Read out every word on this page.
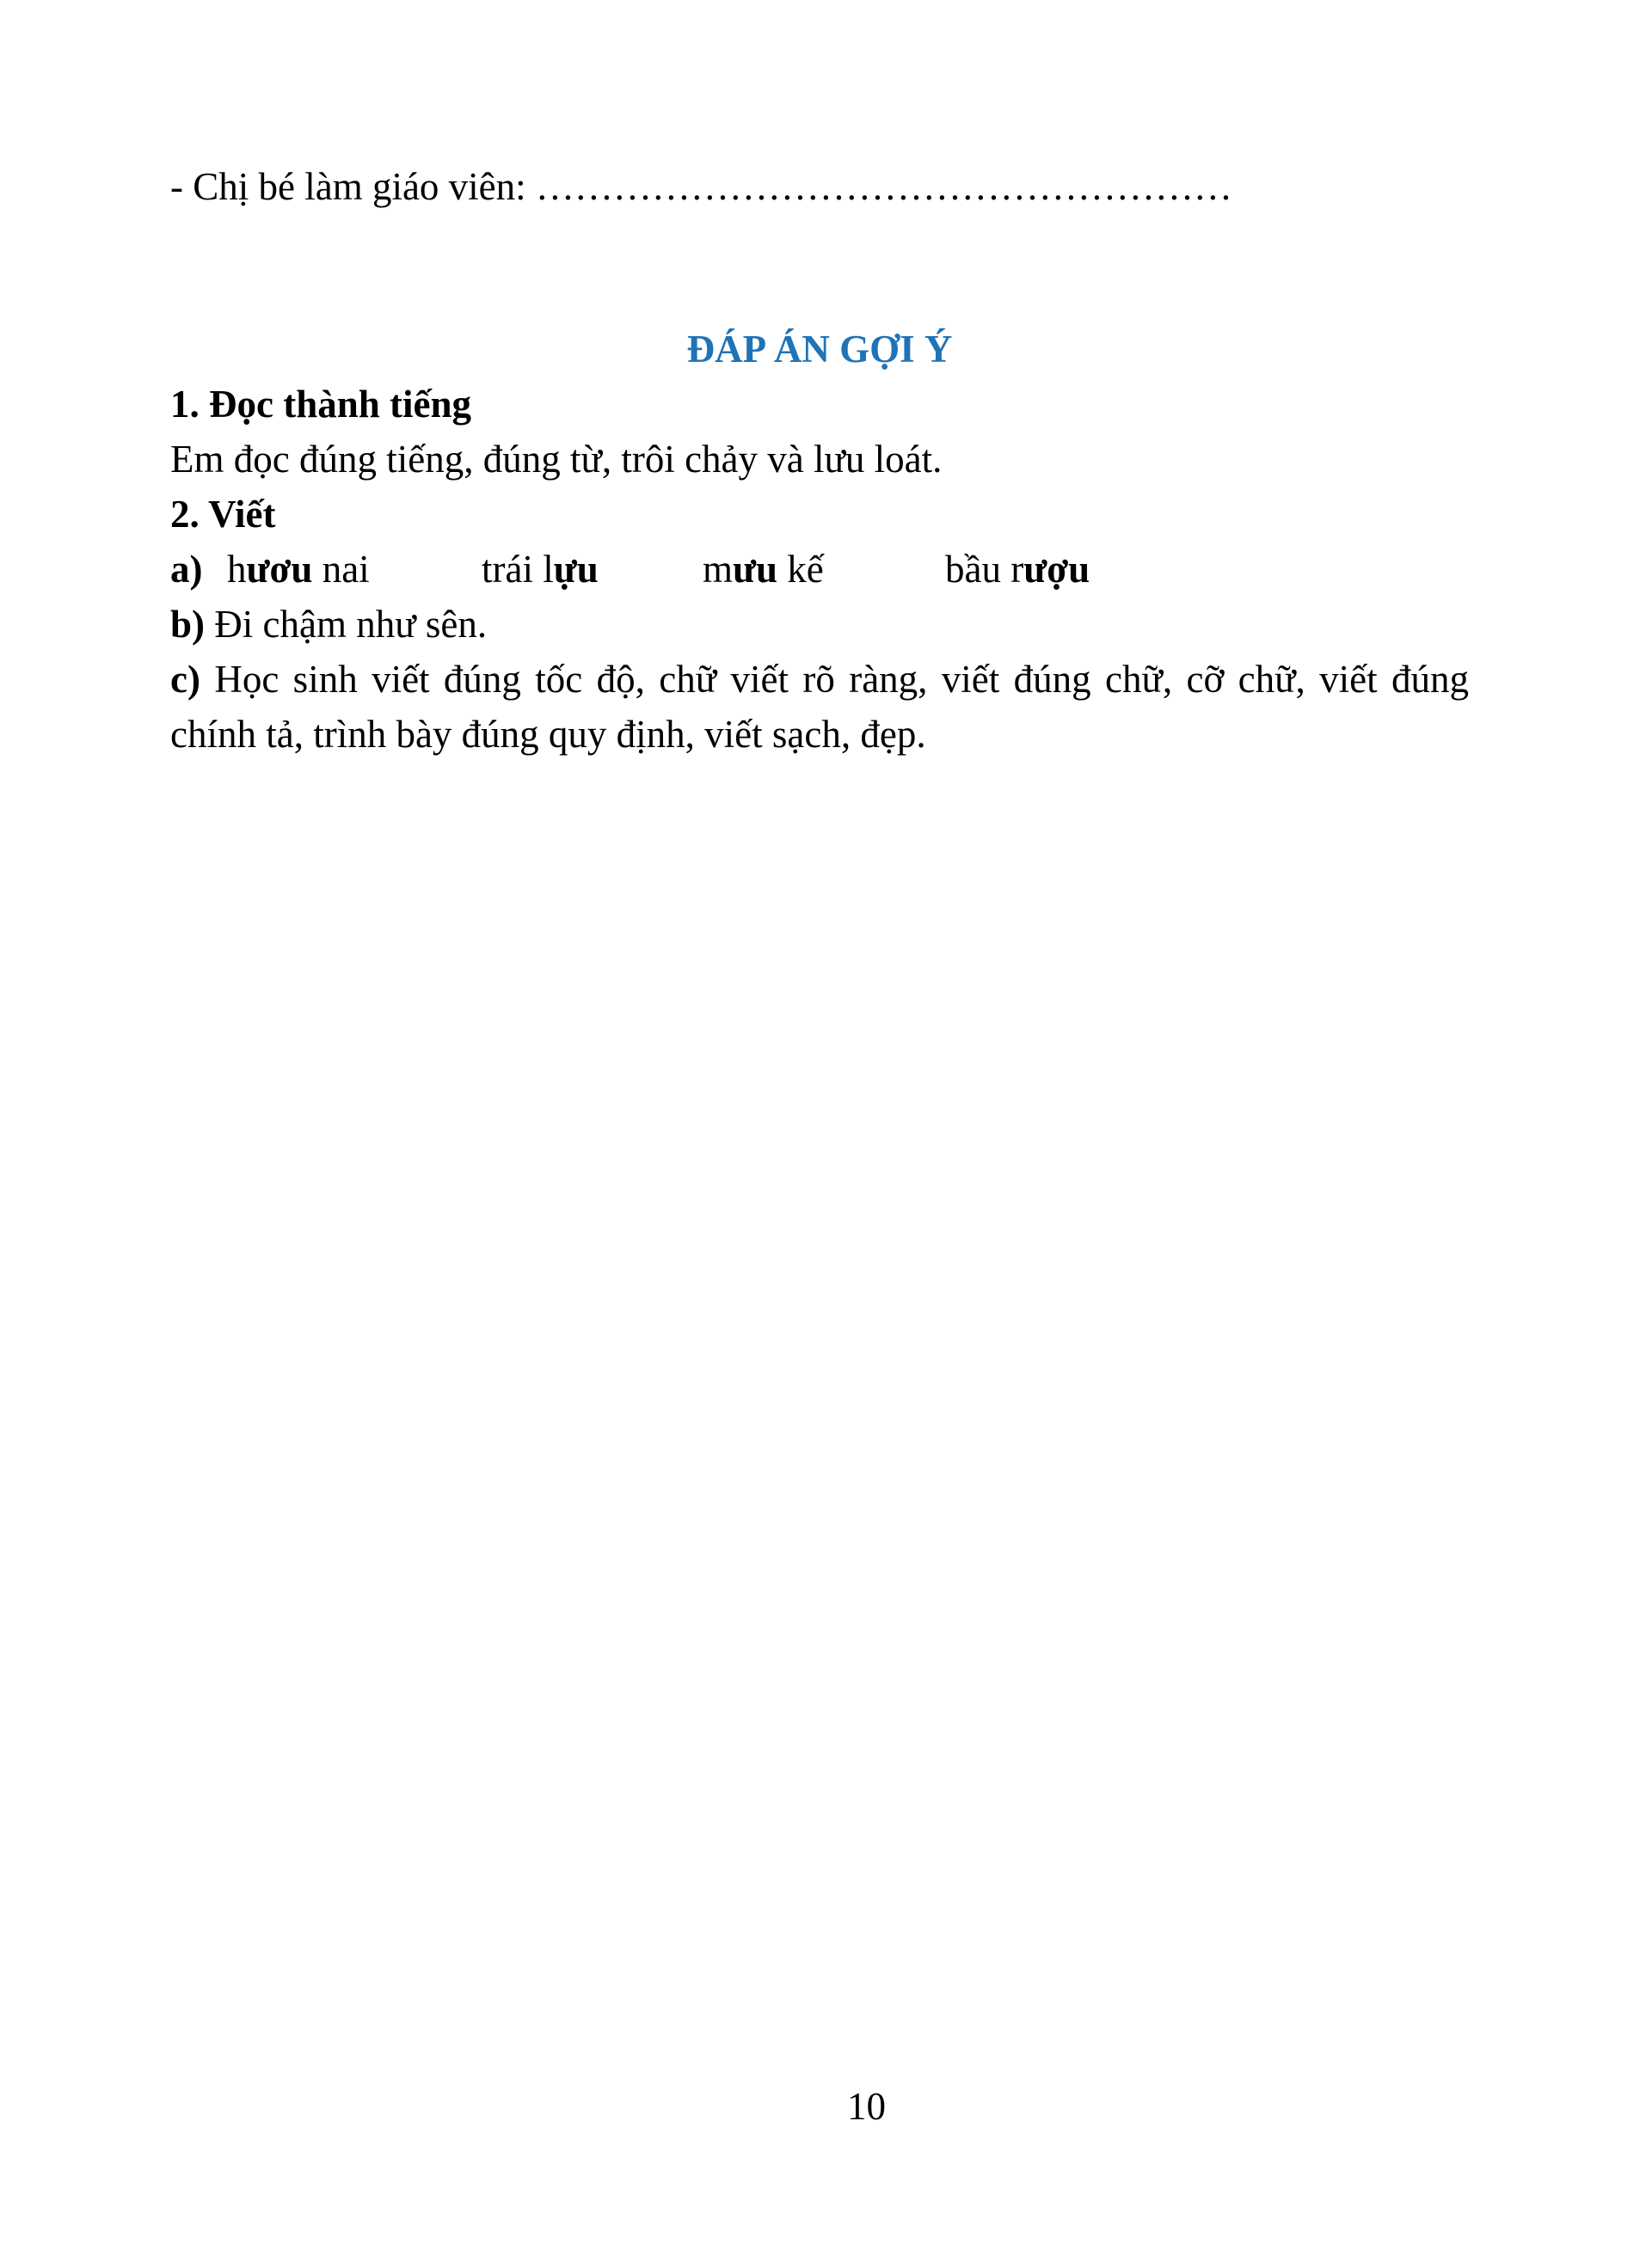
- Chị bé làm giáo viên: ………………………………………………

ĐÁP ÁN GỢI Ý

1. Đọc thành tiếng

Em đọc đúng tiếng, đúng từ, trôi chảy và lưu loát.

2. Viết

a) hươu nai	trái lựu	mưu kế	bầu rượu

b) Đi chậm như sên.

c) Học sinh viết đúng tốc độ, chữ viết rõ ràng, viết đúng chữ, cỡ chữ, viết đúng chính tả, trình bày đúng quy định, viết sạch, đẹp.

10
